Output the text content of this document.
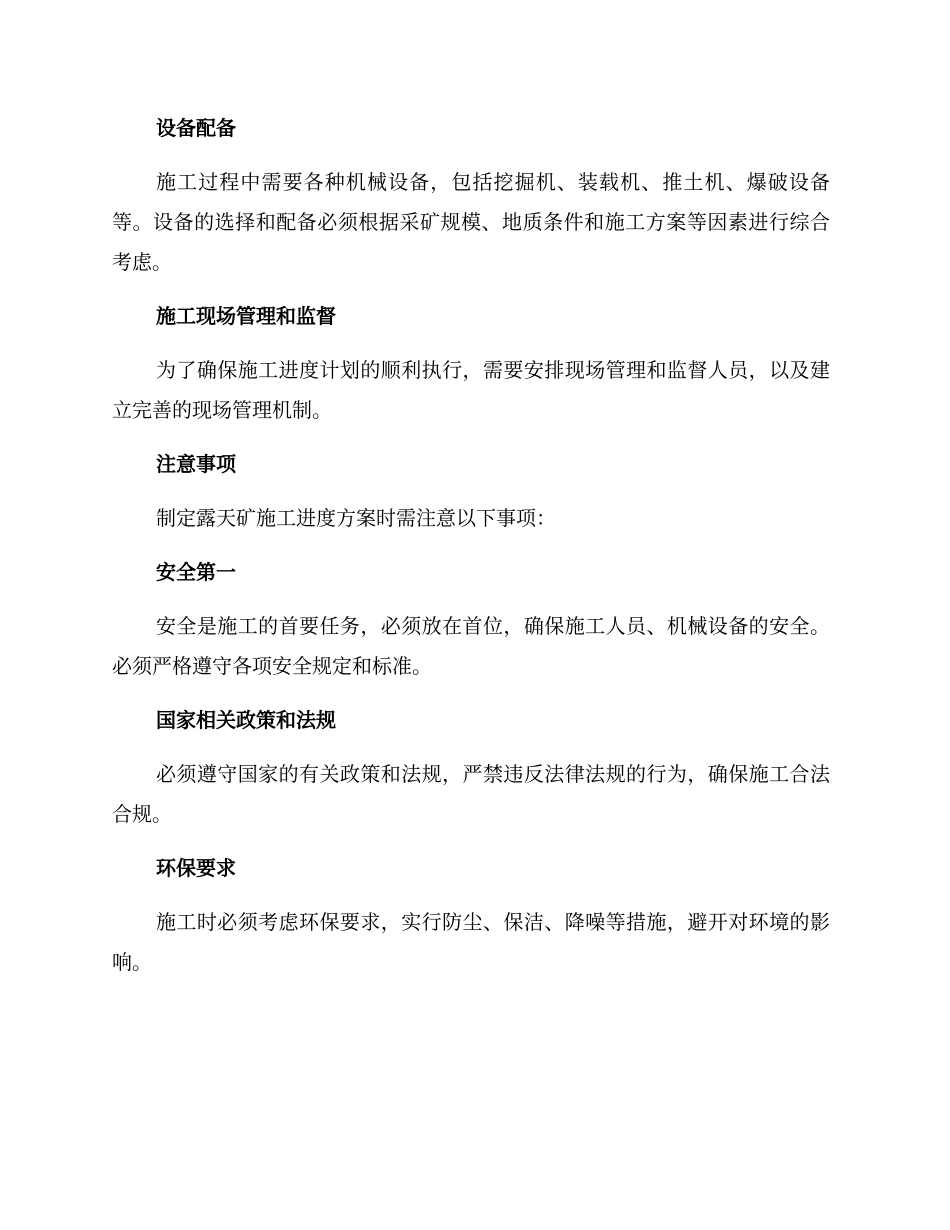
设备配备

施工过程中需要各种机械设备，包括挖掘机、装载机、推土机、爆破设备等。设备的选择和配备必须根据采矿规模、地质条件和施工方案等因素进行综合考虑。

施工现场管理和监督

为了确保施工进度计划的顺利执行，需要安排现场管理和监督人员，以及建立完善的现场管理机制。

注意事项

制定露天矿施工进度方案时需注意以下事项：

安全第一

安全是施工的首要任务，必须放在首位，确保施工人员、机械设备的安全。必须严格遵守各项安全规定和标准。

国家相关政策和法规

必须遵守国家的有关政策和法规，严禁违反法律法规的行为，确保施工合法合规。

环保要求

施工时必须考虑环保要求，实行防尘、保洁、降噪等措施，避开对环境的影响。
